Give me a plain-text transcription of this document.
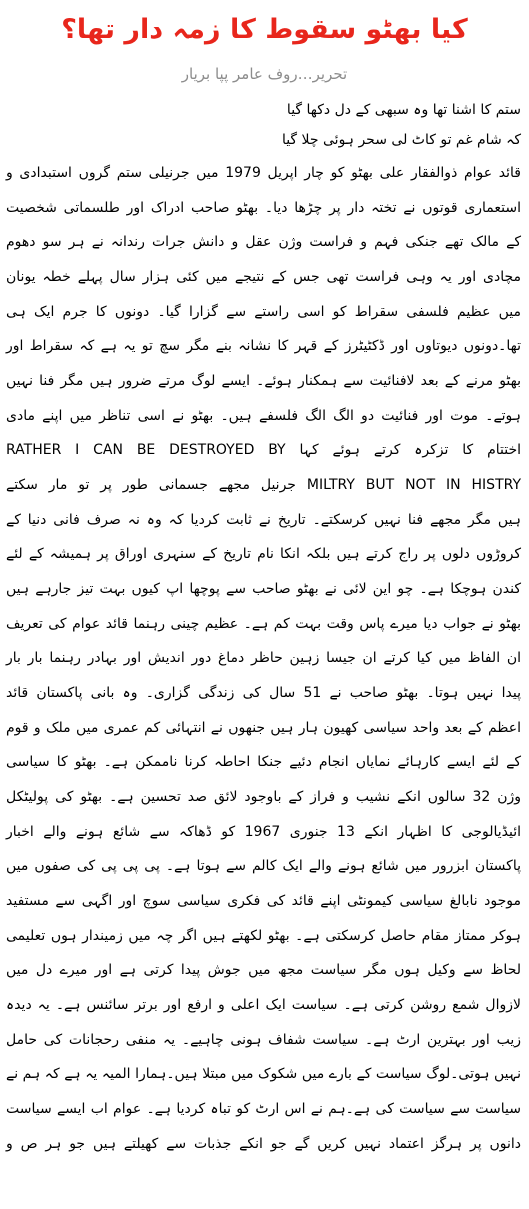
کیا بھٹو سقوط کا زمہ دار تھا؟
تحریر…روف عامر پپا بریار
ستم کا اشنا تھا وہ سبھی کے دل دکھا گیا
کہ شام غم تو کاٹ لی سحر ہوئی چلا گیا
قائد عوام ذوالفقار علی بھٹو کو چار اپریل 1979 میں جرنیلی ستم گروں استبدادی و
استعماری قوتوں نے تختہ دار پر چڑھا دیا۔ بھٹو صاحب ادراک اور طلسماتی شخصیت
کے مالک تھے جنکی فہم و فراست وژن عقل و دانش جرات رندانہ نے ہر سو دھوم
مچادی اور یہ وہی فراست تھی جس کے نتیجے میں کئی ہزار سال پہلے خطہ یونان
میں عظیم فلسفی سقراط کو اسی راستے سے گزارا گیا۔ دونوں کا جرم ایک ہی
تھا۔دونوں دیوتاوں اور ڈکٹیٹرز کے قہر کا نشانہ بنے مگر سچ تو یہ ہے کہ سقراط اور
بھٹو مرنے کے بعد لافنائیت سے ہمکنار ہوئے۔ ایسے لوگ مرتے ضرور ہیں مگر فنا نہیں
ہوتے۔ موت اور فنائیت دو الگ الگ فلسفے ہیں۔ بھٹو نے اسی تناظر میں اپنے مادی
اختتام کا تزکرہ کرتے ہوئے کہا RATHER I CAN BE DESTROYED BY
MILTRY BUT NOT IN HISTRY جرنیل مجھے جسمانی طور پر تو مار سکتے
ہیں مگر مجھے فنا نہیں کرسکتے۔ تاریخ نے ثابت کردیا کہ وہ نہ صرف فانی دنیا کے
کروڑوں دلوں پر راج کرتے ہیں بلکہ انکا نام تاریخ کے سنہری اوراق پر ہمیشہ کے لئے
کندن ہوچکا ہے۔ چو این لائی نے بھٹو صاحب سے پوچھا اپ کیوں بہت تیز جارہے ہیں
بھٹو نے جواب دیا میرے پاس وقت بہت کم ہے۔ عظیم چینی رہنما قائد عوام کی تعریف
ان الفاظ میں کیا کرتے ان جیسا زہین حاظر دماغ دور اندیش اور بہادر رہنما بار بار
پیدا نہیں ہوتا۔ بھٹو صاحب نے 51 سال کی زندگی گزاری۔ وہ بانی پاکستان قائد
اعظم کے بعد واحد سیاسی کھیون ہار ہیں جنھوں نے انتہائی کم عمری میں ملک و قوم
کے لئے ایسے کارہائے نمایاں انجام دئیے جنکا احاطہ کرنا ناممکن ہے۔ بھٹو کا سیاسی
وژن 32 سالوں انکے نشیب و فراز کے باوجود لائق صد تحسین ہے۔ بھٹو کی پولیٹکل
ائیڈیالوجی کا اظہار انکے 13 جنوری 1967 کو ڈھاکہ سے شائع ہونے والے اخبار
پاکستان ابزرور میں شائع ہونے والے ایک کالم سے ہوتا ہے۔ پی پی پی کی صفوں میں
موجود نابالغ سیاسی کیمونٹی اپنے قائد کی فکری سیاسی سوچ اور اگہی سے مستفید
ہوکر ممتاز مقام حاصل کرسکتی ہے۔ بھٹو لکھتے ہیں اگر چہ میں زمیندار ہوں تعلیمی
لحاظ سے وکیل ہوں مگر سیاست مجھ میں جوش پیدا کرتی ہے اور میرے دل میں
لازوال شمع روشن کرتی ہے۔ سیاست ایک اعلی و ارفع اور برتر سائنس ہے۔ یہ دیدہ
زیب اور بہترین ارٹ ہے۔ سیاست شفاف ہونی چاہیے۔ یہ منفی رحجانات کی حامل
نہیں ہوتی۔لوگ سیاست کے بارے میں شکوک میں مبتلا ہیں۔ہمارا المیہ یہ ہے کہ ہم نے
سیاست سے سیاست کی ہے۔ہم نے اس ارٹ کو تباہ کردیا ہے۔ عوام اب ایسے سیاست
دانوں پر ہرگز اعتماد نہیں کریں گے جو انکے جذبات سے کھیلتے ہیں جو ہر ص و
